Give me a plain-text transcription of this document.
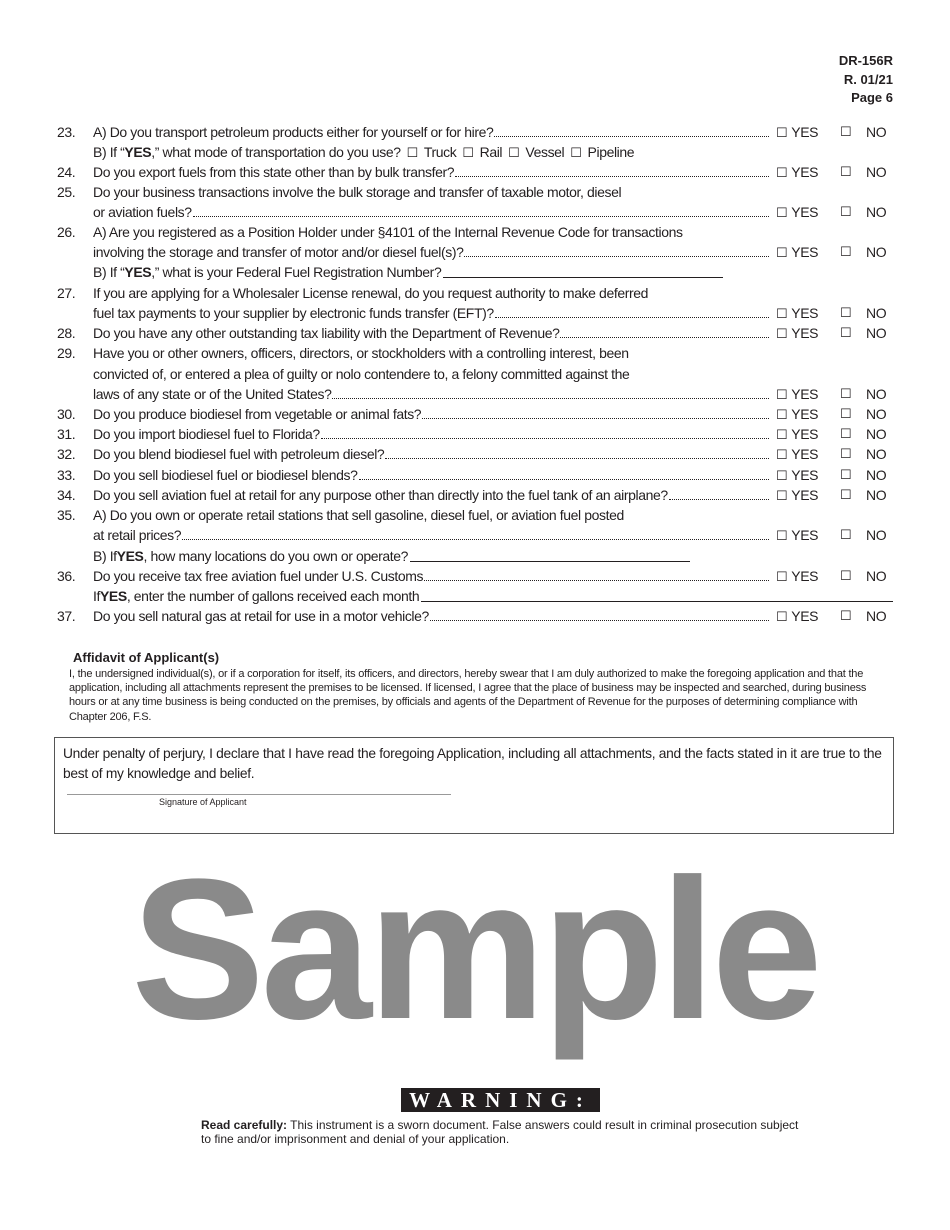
DR-156R
R. 01/21
Page 6
23. A) Do you transport petroleum products either for yourself or for hire?	☐ YES ☐ NO
B) If “ YES ,” what mode of transportation do you use? ☐ Truck ☐ Rail ☐ Vessel ☐ Pipeline
24. Do you export fuels from this state other than by bulk transfer?	☐ YES ☐ NO
25. Do your business transactions involve the bulk storage and transfer of taxable motor, diesel
or aviation fuels?	☐ YES ☐ NO
26. A) Are you registered as a Position Holder under §4101 of the Internal Revenue Code for transactions
involving the storage and transfer of motor and/or diesel fuel(s)?	☐ YES ☐ NO
B) If “ YES ,” what is your Federal Fuel Registration Number?
27. If you are applying for a Wholesaler License renewal, do you request authority to make deferred
fuel tax payments to your supplier by electronic funds transfer (EFT)?	☐ YES ☐ NO
28. Do you have any other outstanding tax liability with the Department of Revenue?	☐ YES ☐ NO
29. Have you or other owners, officers, directors, or stockholders with a controlling interest, been
convicted of, or entered a plea of guilty or nolo contendere to, a felony committed against the
laws of any state or of the United States?	☐ YES ☐ NO
30. Do you produce biodiesel from vegetable or animal fats?	☐ YES ☐ NO
31. Do you import biodiesel fuel to Florida?	☐ YES ☐ NO
32. Do you blend biodiesel fuel with petroleum diesel?	☐ YES ☐ NO
33. Do you sell biodiesel fuel or biodiesel blends?	☐ YES ☐ NO
34. Do you sell aviation fuel at retail for any purpose other than directly into the fuel tank of an airplane?	☐ YES ☐ NO
35. A) Do you own or operate retail stations that sell gasoline, diesel fuel, or aviation fuel posted
at retail prices?	☐ YES ☐ NO
B) If YES , how many locations do you own or operate?
36. Do you receive tax free aviation fuel under U.S. Customs	☐ YES ☐ NO
If YES , enter the number of gallons received each month
37. Do you sell natural gas at retail for use in a motor vehicle?	☐ YES ☐ NO
Affidavit of Applicant(s)
I, the undersigned individual(s), or if a corporation for itself, its officers, and directors, hereby swear that I am duly authorized to make the foregoing application and that the application, including all attachments represent the premises to be licensed. If licensed, I agree that the place of business may be inspected and searched, during business hours or at any time business is being conducted on the premises, by officials and agents of the Department of Revenue for the purposes of determining compliance with Chapter 206, F.S.
Under penalty of perjury, I declare that I have read the foregoing Application, including all attachments, and the facts stated in it are true to the best of my knowledge and belief.
Signature of Applicant
Sample
WARNING:
Read carefully: This instrument is a sworn document. False answers could result in criminal prosecution subject to fine and/or imprisonment and denial of your application.
